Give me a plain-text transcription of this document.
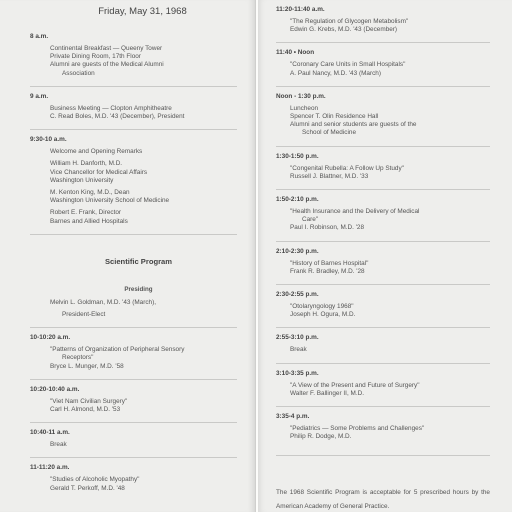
Friday, May 31, 1968
8 a.m.
Continental Breakfast — Queeny Tower
Private Dining Room, 17th Floor
Alumni are guests of the Medical Alumni
Association
9 a.m.
Business Meeting — Clopton Amphitheatre
C. Read Boles, M.D. '43 (December), President
9:30-10 a.m.
Welcome and Opening Remarks
William H. Danforth, M.D.
Vice Chancellor for Medical Affairs
Washington University
M. Kenton King, M.D., Dean
Washington University School of Medicine
Robert E. Frank, Director
Barnes and Allied Hospitals
Scientific Program
Presiding
Melvin L. Goldman, M.D. '43 (March),
President-Elect
10-10:20 a.m.
"Patterns of Organization of Peripheral Sensory
Receptors"
Bryce L. Munger, M.D. '58
10:20-10:40 a.m.
"Viet Nam Civilian Surgery"
Carl H. Almond, M.D. '53
10:40-11 a.m.
Break
11-11:20 a.m.
"Studies of Alcoholic Myopathy"
Gerald T. Perkoff, M.D. '48
11:20-11:40 a.m.
"The Regulation of Glycogen Metabolism"
Edwin G. Krebs, M.D. '43 (December)
11:40 • Noon
"Coronary Care Units in Small Hospitals"
A. Paul Nancy, M.D. '43 (March)
Noon - 1:30 p.m.
Luncheon
Spencer T. Olin Residence Hall
Alumni and senior students are guests of the
School of Medicine
1:30-1:50 p.m.
"Congenital Rubella: A Follow Up Study"
Russell J. Blattner, M.D. '33
1:50-2:10 p.m.
"Health Insurance and the Delivery of Medical
Care"
Paul I. Robinson, M.D. '28
2:10-2:30 p.m.
"History of Barnes Hospital"
Frank R. Bradley, M.D. '28
2:30-2:55 p.m.
"Otolaryngology 1968"
Joseph H. Ogura, M.D.
2:55-3:10 p.m.
Break
3:10-3:35 p.m.
"A View of the Present and Future of Surgery"
Walter F. Ballinger II, M.D.
3:35-4 p.m.
"Pediatrics — Some Problems and Challenges"
Philip R. Dodge, M.D.
The 1968 Scientific Program is acceptable for 5 prescribed hours by the American Academy of General Practice.
